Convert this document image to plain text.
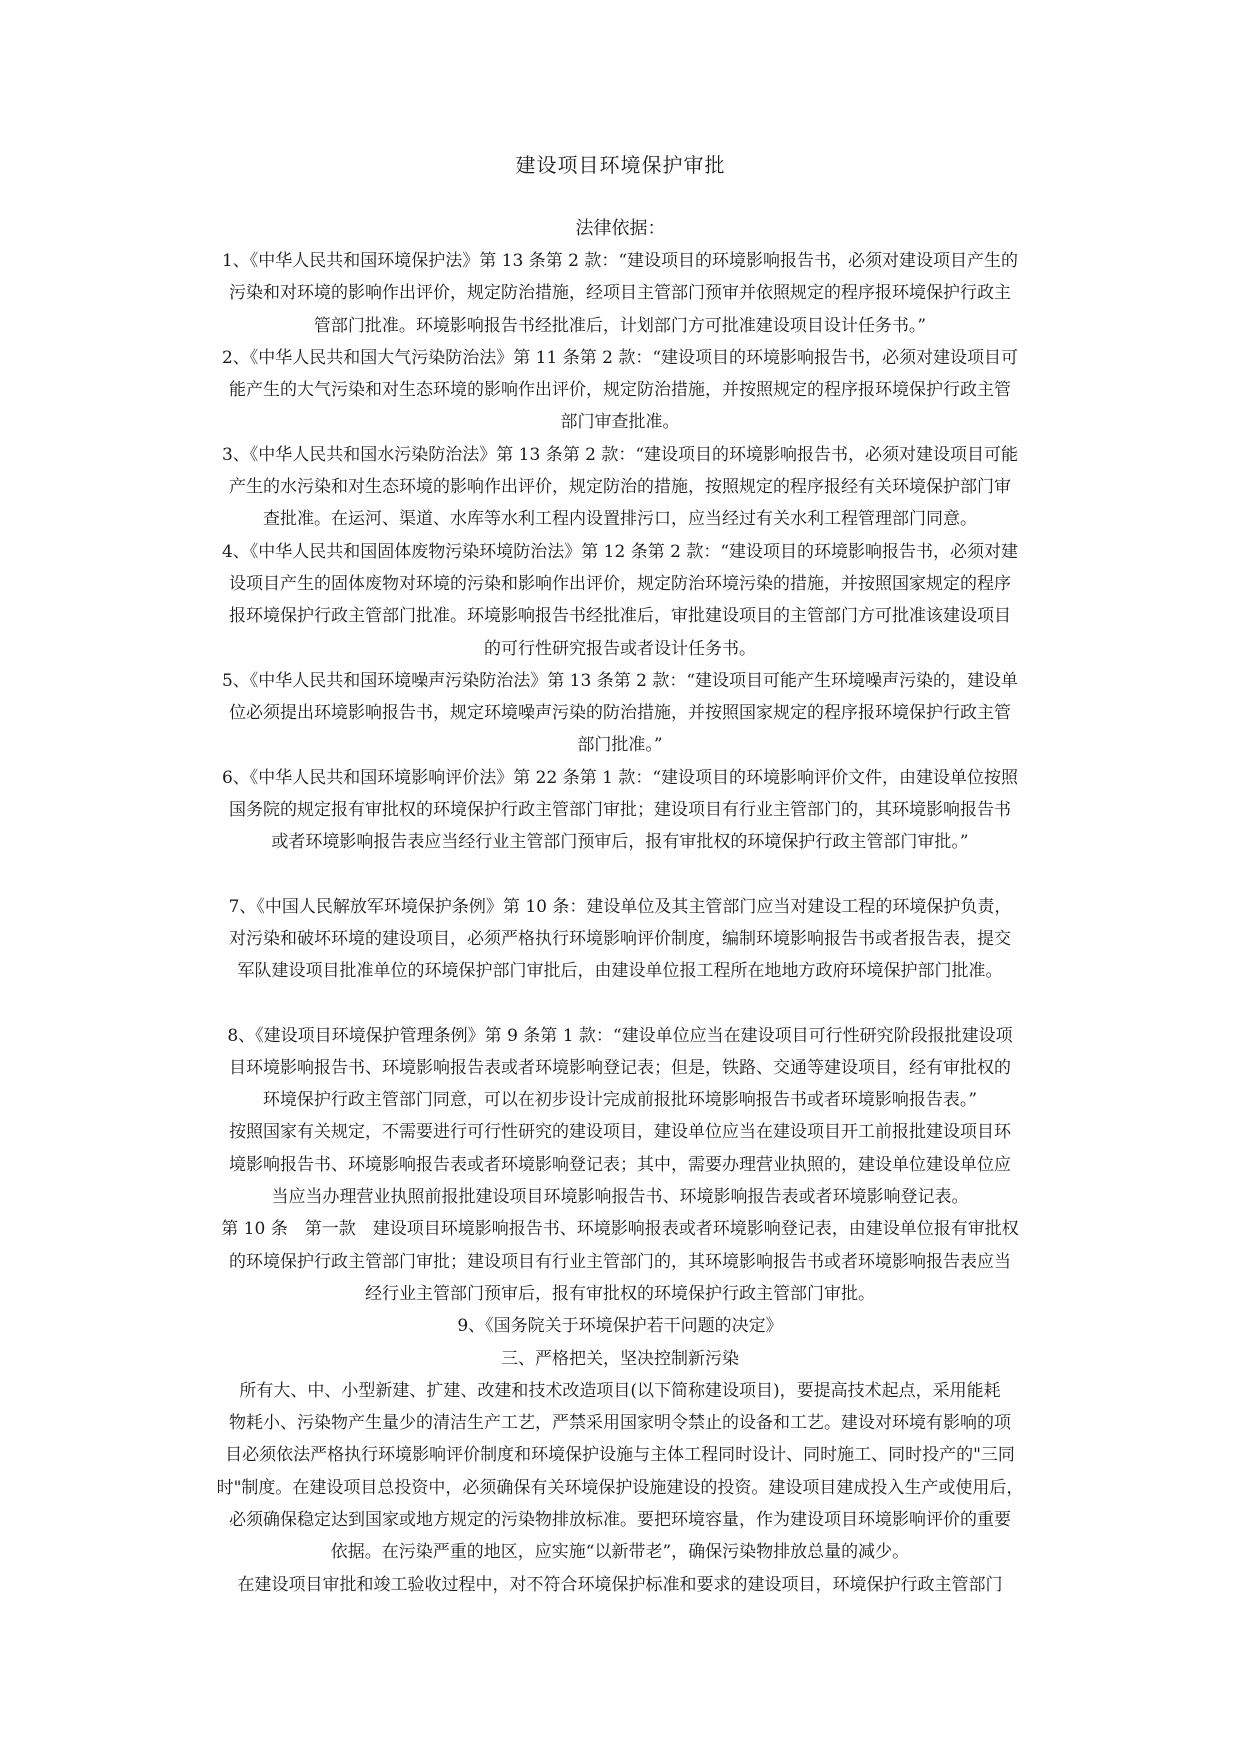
建设项目环境保护审批
法律依据：

1、《中华人民共和国环境保护法》第 13 条第 2 款：“建设项目的环境影响报告书，必须对建设项目产生的
污染和对环境的影响作出评价，规定防治措施，经项目主管部门预审并依照规定的程序报环境保护行政主
管部门批准。环境影响报告书经批准后，计划部门方可批准建设项目设计任务书。”

2、《中华人民共和国大气污染防治法》第 11 条第 2 款：“建设项目的环境影响报告书，必须对建设项目可
能产生的大气污染和对生态环境的影响作出评价，规定防治措施，并按照规定的程序报环境保护行政主管
部门审查批准。

3、《中华人民共和国水污染防治法》第 13 条第 2 款：“建设项目的环境影响报告书，必须对建设项目可能
产生的水污染和对生态环境的影响作出评价，规定防治的措施，按照规定的程序报经有关环境保护部门审
查批准。在运河、渠道、水库等水利工程内设置排污口，应当经过有关水利工程管理部门同意。

4、《中华人民共和国固体废物污染环境防治法》第 12 条第 2 款：“建设项目的环境影响报告书，必须对建
设项目产生的固体废物对环境的污染和影响作出评价，规定防治环境污染的措施，并按照国家规定的程序
报环境保护行政主管部门批准。环境影响报告书经批准后，审批建设项目的主管部门方可批准该建设项目
的可行性研究报告或者设计任务书。

5、《中华人民共和国环境噪声污染防治法》第 13 条第 2 款：“建设项目可能产生环境噪声污染的，建设单
位必须提出环境影响报告书，规定环境噪声污染的防治措施，并按照国家规定的程序报环境保护行政主管
部门批准。”

6、《中华人民共和国环境影响评价法》第 22 条第 1 款：“建设项目的环境影响评价文件，由建设单位按照
国务院的规定报有审批权的环境保护行政主管部门审批；建设项目有行业主管部门的，其环境影响报告书
或者环境影响报告表应当经行业主管部门预审后，报有审批权的环境保护行政主管部门审批。”

7、《中国人民解放军环境保护条例》第 10 条：建设单位及其主管部门应当对建设工程的环境保护负责，
对污染和破坏环境的建设项目，必须严格执行环境影响评价制度，编制环境影响报告书或者报告表，提交
军队建设项目批准单位的环境保护部门审批后，由建设单位报工程所在地地方政府环境保护部门批准。

8、《建设项目环境保护管理条例》第 9 条第 1 款：“建设单位应当在建设项目可行性研究阶段报批建设项
目环境影响报告书、环境影响报告表或者环境影响登记表；但是，铁路、交通等建设项目，经有审批权的
环境保护行政主管部门同意，可以在初步设计完成前报批环境影响报告书或者环境影响报告表。”

按照国家有关规定，不需要进行可行性研究的建设项目，建设单位应当在建设项目开工前报批建设项目环
境影响报告书、环境影响报告表或者环境影响登记表；其中，需要办理营业执照的，建设单位建设单位应
当应当办理营业执照前报批建设项目环境影响报告书、环境影响报告表或者环境影响登记表。

第 10 条　第一款　建设项目环境影响报告书、环境影响报表或者环境影响登记表，由建设单位报有审批权
的环境保护行政主管部门审批；建设项目有行业主管部门的，其环境影响报告书或者环境影响报告表应当
经行业主管部门预审后，报有审批权的环境保护行政主管部门审批。

9、《国务院关于环境保护若干问题的决定》

三、严格把关，坚决控制新污染

所有大、中、小型新建、扩建、改建和技术改造项目(以下简称建设项目)，要提高技术起点，采用能耗
物耗小、污染物产生量少的清洁生产工艺，严禁采用国家明令禁止的设备和工艺。建设对环境有影响的项
目必须依法严格执行环境影响评价制度和环境保护设施与主体工程同时设计、同时施工、同时投产的"三同
时"制度。在建设项目总投资中，必须确保有关环境保护设施建设的投资。建设项目建成投入生产或使用后，
必须确保稳定达到国家或地方规定的污染物排放标准。要把环境容量，作为建设项目环境影响评价的重要
依据。在污染严重的地区，应实施“以新带老”，确保污染物排放总量的减少。

在建设项目审批和竣工验收过程中，对不符合环境保护标准和要求的建设项目，环境保护行政主管部门
